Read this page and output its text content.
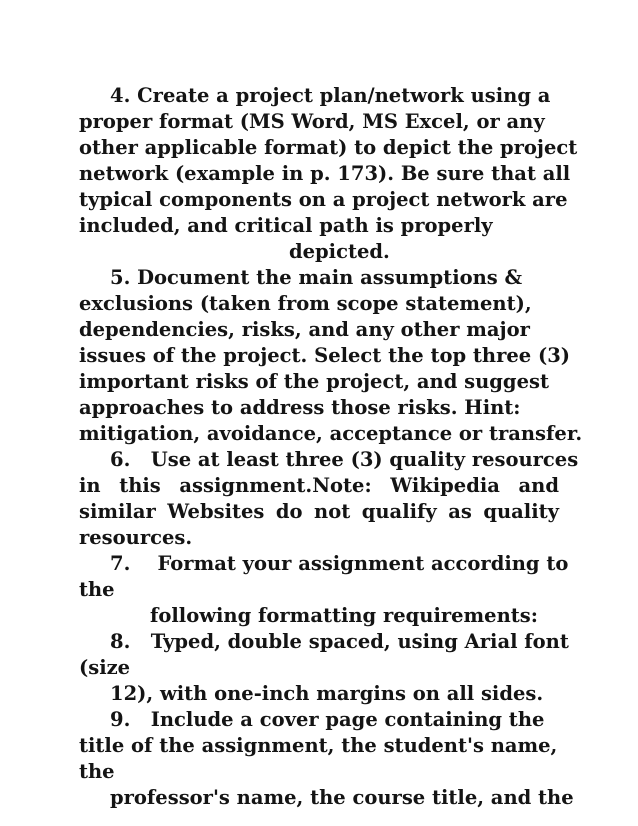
4. Create a project plan/network using a
proper format (MS Word, MS Excel, or any
other applicable format) to depict the project
network (example in p. 173). Be sure that all
typical components on a project network are
included, and critical path is properly
depicted.
5. Document the main assumptions &
exclusions (taken from scope statement),
dependencies, risks, and any other major
issues of the project. Select the top three (3)
important risks of the project, and suggest
approaches to address those risks. Hint:
mitigation, avoidance, acceptance or transfer.
6.   Use at least three (3) quality resources
in this assignment.Note: Wikipedia and
similar Websites do not qualify as quality
resources.
7.    Format your assignment according to
the
following formatting requirements:
8.   Typed, double spaced, using Arial font
(size
12), with one-inch margins on all sides.
9.   Include a cover page containing the
title of the assignment, the student's name,
the
professor's name, the course title, and the
